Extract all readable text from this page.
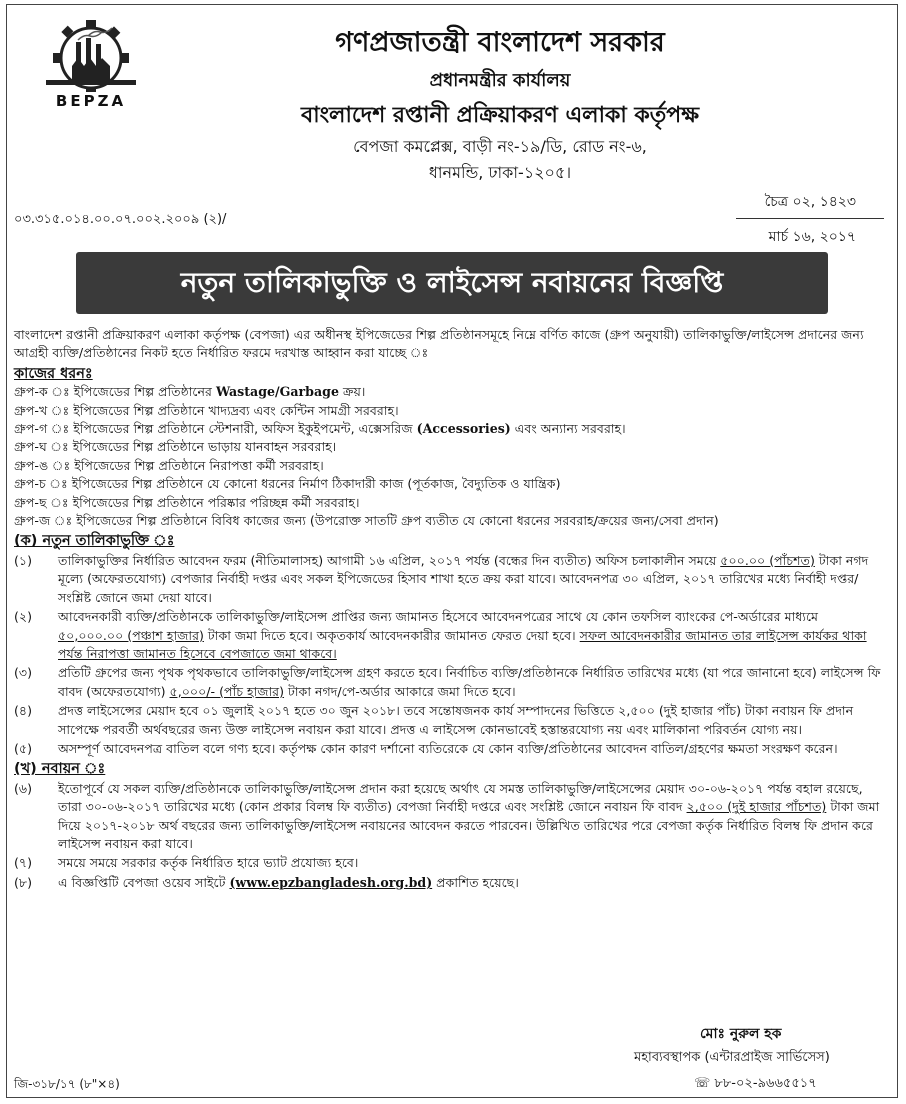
BEPZA
গণপ্রজাতন্ত্রী বাংলাদেশ সরকার
প্রধানমন্ত্রীর কার্যালয়
বাংলাদেশ রপ্তানী প্রক্রিয়াকরণ এলাকা কর্তৃপক্ষ
বেপজা কমপ্লেক্স, বাড়ী নং-১৯/ডি, রোড নং-৬,
ধানমন্ডি, ঢাকা-১২০৫।
চৈত্র ০২, ১৪২৩
মার্চ ১৬, ২০১৭
০৩.৩১৫.০১৪.০০.০৭.০০২.২০০৯ (২)/
নতুন তালিকাভুক্তি ও লাইসেন্স নবায়নের বিজ্ঞপ্তি

বাংলাদেশ রপ্তানী প্রক্রিয়াকরণ এলাকা কর্তৃপক্ষ (বেপজা) এর অধীনস্থ ইপিজেডের শিল্প প্রতিষ্ঠানসমূহে নিম্নে বর্ণিত কাজে (গ্রুপ অনুযায়ী) তালিকাভুক্তি/লাইসেন্স প্রদানের জন্য আগ্রহী ব্যক্তি/প্রতিষ্ঠানের নিকট হতে নির্ধারিত ফরমে দরখাস্ত আহ্বান করা যাচ্ছে ঃ

কাজের ধরনঃ
গ্রুপ-ক ঃ ইপিজেডের শিল্প প্রতিষ্ঠানের Wastage/Garbage ক্রয়।
গ্রুপ-খ ঃ ইপিজেডের শিল্প প্রতিষ্ঠানে খাদ্যদ্রব্য এবং কেন্টিন সামগ্রী সরবরাহ।
গ্রুপ-গ ঃ ইপিজেডের শিল্প প্রতিষ্ঠানে স্টেশনারী, অফিস ইকুইপমেন্ট, এক্সেসরিজ (Accessories) এবং অন্যান্য সরবরাহ।
গ্রুপ-ঘ ঃ ইপিজেডের শিল্প প্রতিষ্ঠানে ভাড়ায় যানবাহন সরবরাহ।
গ্রুপ-ঙ ঃ ইপিজেডের শিল্প প্রতিষ্ঠানে নিরাপত্তা কর্মী সরবরাহ।
গ্রুপ-চ ঃ ইপিজেডের শিল্প প্রতিষ্ঠানে যে কোনো ধরনের নির্মাণ ঠিকাদারী কাজ (পূর্তকাজ, বৈদ্যুতিক ও যান্ত্রিক)
গ্রুপ-ছ ঃ ইপিজেডের শিল্প প্রতিষ্ঠানে পরিষ্কার পরিচ্ছন্ন কর্মী সরবরাহ।
গ্রুপ-জ ঃ ইপিজেডের শিল্প প্রতিষ্ঠানে বিবিধ কাজের জন্য (উপরোক্ত সাতটি গ্রুপ ব্যতীত যে কোনো ধরনের সরবরাহ/ক্রয়ের জন্য/সেবা প্রদান)
(ক) নতুন তালিকাভুক্তি ঃ
(১)	তালিকাভুক্তির নির্ধারিত আবেদন ফরম (নীতিমালাসহ) আগামী ১৬ এপ্রিল, ২০১৭ পর্যন্ত (বন্ধের দিন ব্যতীত) অফিস চলাকালীন সময়ে ৫০০.০০ (পাঁচশত) টাকা নগদ মূল্যে (অফেরতযোগ্য) বেপজার নির্বাহী দপ্তর এবং সকল ইপিজেডের হিসাব শাখা হতে ক্রয় করা যাবে। আবেদনপত্র ৩০ এপ্রিল, ২০১৭ তারিখের মধ্যে নির্বাহী দপ্তর/সংশ্লিষ্ট জোনে জমা দেয়া যাবে।
(২)	আবেদনকারী ব্যক্তি/প্রতিষ্ঠানকে তালিকাভুক্তি/লাইসেন্স প্রাপ্তির জন্য জামানত হিসেবে আবেদনপত্রের সাথে যে কোন তফসিল ব্যাংকের পে-অর্ডারের মাধ্যমে ৫০,০০০.০০ (পঞ্চাশ হাজার) টাকা জমা দিতে হবে। অকৃতকার্য আবেদনকারীর জামানত ফেরত দেয়া হবে। সফল আবেদনকারীর জামানত তার লাইসেন্স কার্যকর থাকা পর্যন্ত নিরাপত্তা জামানত হিসেবে বেপজাতে জমা থাকবে।
(৩)	প্রতিটি গ্রুপের জন্য পৃথক পৃথকভাবে তালিকাভুক্তি/লাইসেন্স গ্রহণ করতে হবে। নির্বাচিত ব্যক্তি/প্রতিষ্ঠানকে নির্ধারিত তারিখের মধ্যে (যা পরে জানানো হবে) লাইসেন্স ফি বাবদ (অফেরতযোগ্য) ৫,০০০/- (পাঁচ হাজার) টাকা নগদ/পে-অর্ডার আকারে জমা দিতে হবে।
(৪)	প্রদত্ত লাইসেন্সের মেয়াদ হবে ০১ জুলাই ২০১৭ হতে ৩০ জুন ২০১৮। তবে সন্তোষজনক কার্য সম্পাদনের ভিত্তিতে ২,৫০০ (দুই হাজার পাঁচ) টাকা নবায়ন ফি প্রদান সাপেক্ষে পরবর্তী অর্থবছরের জন্য উক্ত লাইসেন্স নবায়ন করা যাবে। প্রদত্ত এ লাইসেন্স কোনভাবেই হস্তান্তরযোগ্য নয় এবং মালিকানা পরিবর্তন যোগ্য নয়।
(৫)	অসম্পূর্ণ আবেদনপত্র বাতিল বলে গণ্য হবে। কর্তৃপক্ষ কোন কারণ দর্শানো ব্যতিরেকে যে কোন ব্যক্তি/প্রতিষ্ঠানের আবেদন বাতিল/গ্রহণের ক্ষমতা সংরক্ষণ করেন।
(খ) নবায়ন ঃ
(৬)	ইতোপূর্বে যে সকল ব্যক্তি/প্রতিষ্ঠানকে তালিকাভুক্তি/লাইসেন্স প্রদান করা হয়েছে অর্থাৎ যে সমস্ত তালিকাভুক্তি/লাইসেন্সের মেয়াদ ৩০-০৬-২০১৭ পর্যন্ত বহাল রয়েছে, তারা ৩০-০৬-২০১৭ তারিখের মধ্যে (কোন প্রকার বিলম্ব ফি ব্যতীত) বেপজা নির্বাহী দপ্তরে এবং সংশ্লিষ্ট জোনে নবায়ন ফি বাবদ ২,৫০০ (দুই হাজার পাঁচশত) টাকা জমা দিয়ে ২০১৭-২০১৮ অর্থ বছরের জন্য তালিকাভুক্তি/লাইসেন্স নবায়নের আবেদন করতে পারবেন। উল্লিখিত তারিখের পরে বেপজা কর্তৃক নির্ধারিত বিলম্ব ফি প্রদান করে লাইসেন্স নবায়ন করা যাবে।
(৭)	সময়ে সময়ে সরকার কর্তৃক নির্ধারিত হারে ভ্যাট প্রযোজ্য হবে।
(৮)	এ বিজ্ঞপ্তিটি বেপজা ওয়েব সাইটে (www.epzbangladesh.org.bd) প্রকাশিত হয়েছে।
মোঃ নুরুল হক
মহাব্যবস্থাপক (এন্টারপ্রাইজ সার্ভিসেস)
☏ ৮৮-০২-৯৬৬৫৫১৭
জি-৩১৮/১৭ (৮"×৪)
